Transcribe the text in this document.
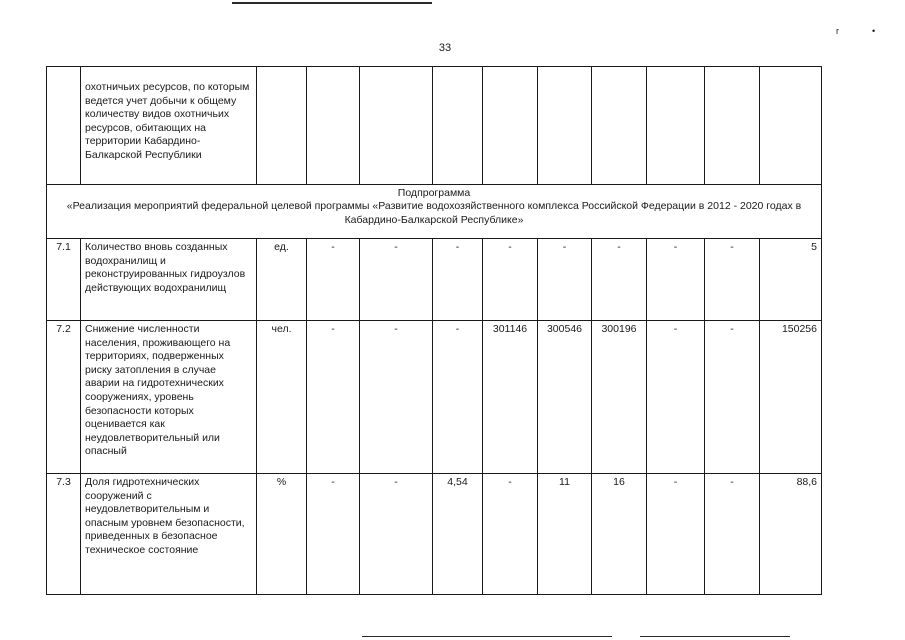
r	•
33
	охотничьих ресурсов, по которым ведется учет добычи к общему количеству видов охотничьих ресурсов, обитающих на территории Кабардино-Балкарской Республики										

Подпрограмма
«Реализация мероприятий федеральной целевой программы «Развитие водохозяйственного комплекса Российской Федерации в 2012 - 2020 годах в Кабардино-Балкарской Республике»											

7.1	Количество вновь созданных водохранилищ и реконструированных гидроузлов действующих водохранилищ	ед.	-	-	-	-	-	-	-	-	5
7.2	Снижение численности населения, проживающего на территориях, подверженных риску затопления в случае аварии на гидротехнических сооружениях, уровень безопасности которых оценивается как неудовлетворительный или опасный	чел.	-	-	-	301146	300546	300196	-	-	150256
7.3	Доля гидротехнических сооружений с неудовлетворительным и опасным уровнем безопасности, приведенных в безопасное техническое состояние	%	-	-	4,54	-	11	16	-	-	88,6
